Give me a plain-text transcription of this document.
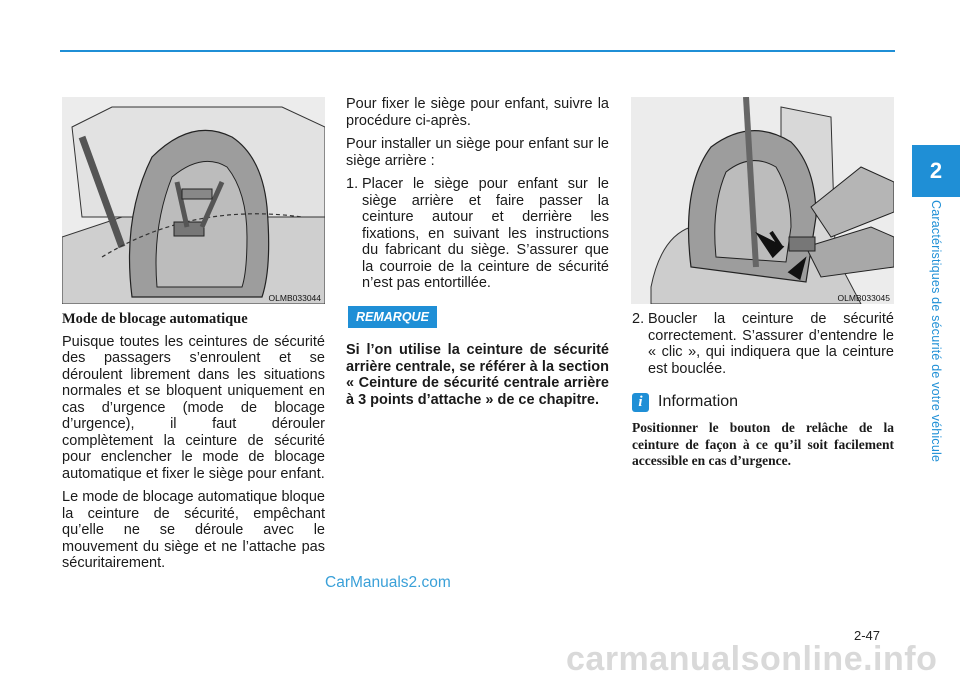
2
Caractéristiques de sécurité de votre véhicule
OLMB033044	OLMB033045
Mode de blocage automatique

Puisque toutes les ceintures de sécurité des passagers s’enroulent et se déroulent librement dans les situations normales et se bloquent uniquement en cas d’urgence (mode de blocage d’urgence), il faut dérouler complètement la ceinture de sécurité pour enclencher le mode de blocage automatique et fixer le siège pour enfant.

Le mode de blocage automatique bloque la ceinture de sécurité, empêchant qu’elle ne se déroule avec le mouvement du siège et ne l’attache pas sécuritairement.

Pour fixer le siège pour enfant, suivre la procédure ci-après.

Pour installer un siège pour enfant sur le siège arrière :

1. Placer le siège pour enfant sur le siège arrière et faire passer la ceinture autour et derrière les fixations, en suivant les instructions du fabricant du siège. S’assurer que la courroie de la ceinture de sécurité n’est pas entortillée.
REMARQUE
Si l’on utilise la ceinture de sécurité arrière centrale, se référer à la section « Ceinture de sécurité centrale arrière à 3 points d’attache » de ce chapitre.
2. Boucler la ceinture de sécurité correctement. S’assurer d’entendre le « clic », qui indiquera que la ceinture est bouclée.
i Information
Positionner le bouton de relâche de la ceinture de façon à ce qu’il soit facilement accessible en cas d’urgence.
CarManuals2.com
2-47
carmanualsonline.info
